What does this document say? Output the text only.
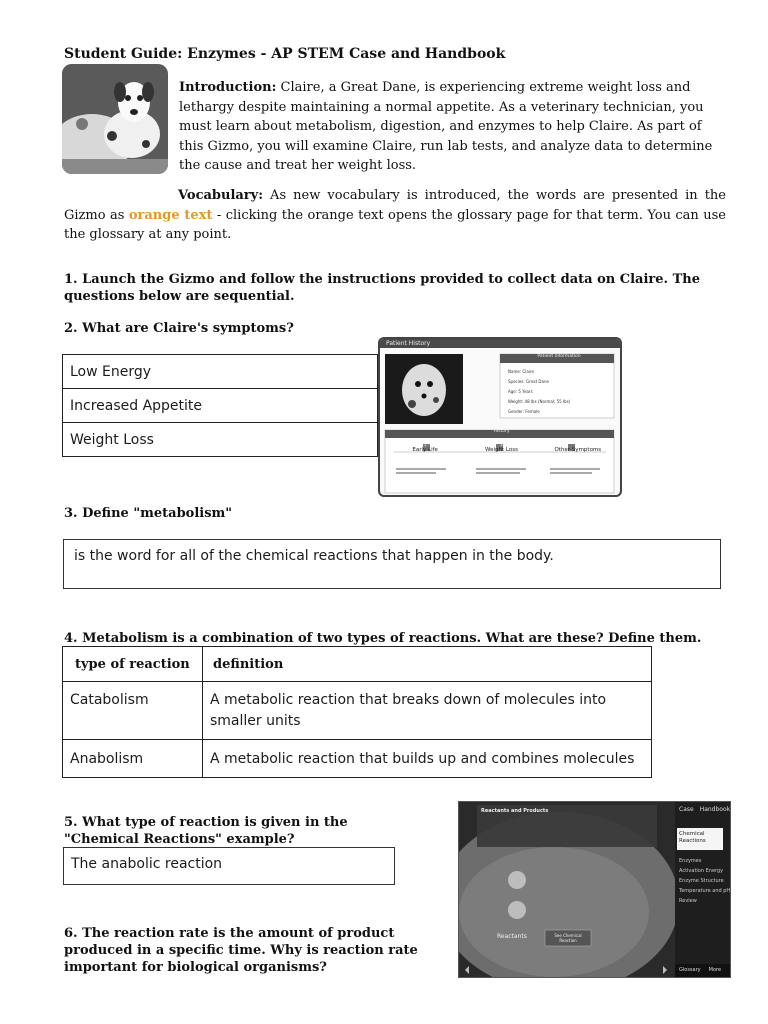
Student Guide: Enzymes - AP STEM Case and Handbook
Introduction: Claire, a Great Dane, is experiencing extreme weight loss and lethargy despite maintaining a normal appetite. As a veterinary technician, you must learn about metabolism, digestion, and enzymes to help Claire. As part of this Gizmo, you will examine Claire, run lab tests, and analyze data to determine the cause and treat her weight loss.
Vocabulary: As new vocabulary is introduced, the words are presented in the Gizmo as orange text - clicking the orange text opens the glossary page for that term. You can use the glossary at any point.
1. Launch the Gizmo and follow the instructions provided to collect data on Claire. The questions below are sequential.
2. What are Claire's symptoms?
Low Energy
Increased Appetite
Weight Loss
Patient History
Patient Information
Name: Claire
Species: Great Dane
Age: 5 Years
Weight: 48 lbs (Normal: 55 lbs)
Gender: Female
History
1
Early Life
2
Weight Loss
3
Other Symptoms
3. Define "metabolism"
is the word for all of the chemical reactions that happen in the body.
4. Metabolism is a combination of two types of reactions. What are these? Define them.
type of reaction	definition
Catabolism	A metabolic reaction that breaks down of molecules into smaller units
Anabolism	A metabolic reaction that builds up and combines molecules
5. What type of reaction is given in the "Chemical Reactions" example?
The anabolic reaction
Case Handbook
Reactants and Products
Chemical Reactions
Enzymes
Activation Energy
Enzyme Structure
Temperature and pH
Review
Reactants	See Chemical Reaction
Glossary More
6. The reaction rate is the amount of product produced in a specific time. Why is reaction rate important for biological organisms?
